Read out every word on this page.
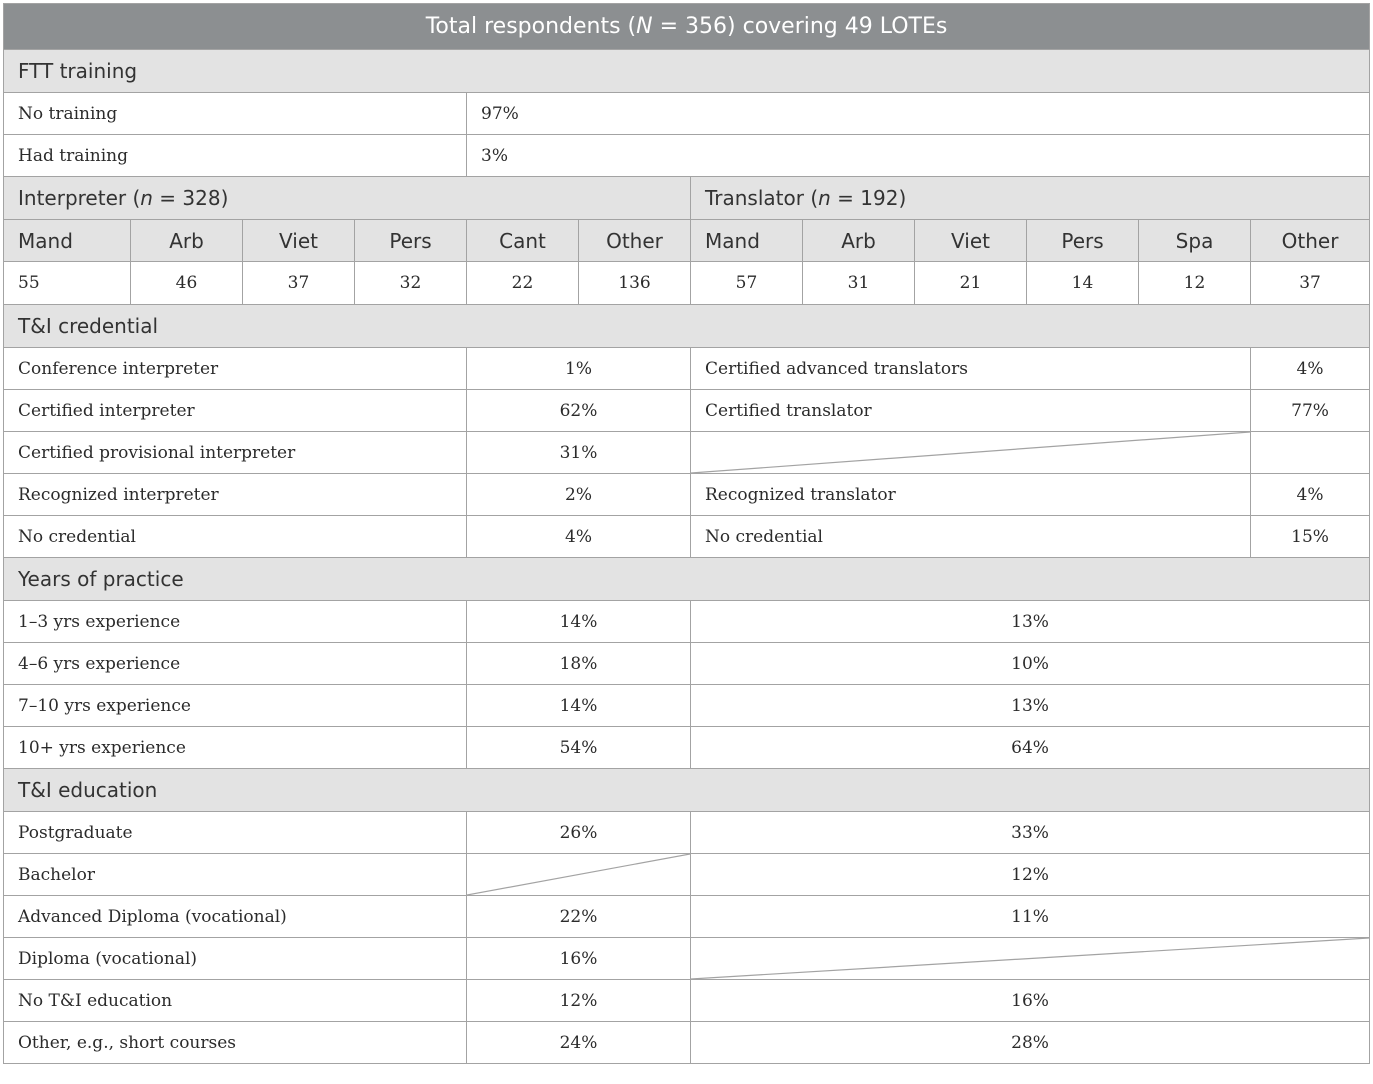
Total respondents (N = 356) covering 49 LOTEs											
FTT training											
No training				97%							
Had training				3%							
Interpreter (n = 328)						Translator (n = 192)					
Mand	Arb	Viet	Pers	Cant	Other	Mand	Arb	Viet	Pers	Spa	Other
55	46	37	32	22	136	57	31	21	14	12	37
T&I credential											
Conference interpreter				1%		Certified advanced translators					4%
Certified interpreter				62%		Certified translator					77%
Certified provisional interpreter				31%	

Recognized interpreter				2%		Recognized translator					4%
No credential				4%		No credential					15%
Years of practice											
1–3 yrs experience				14%		13%					
4–6 yrs experience				18%		10%					
7–10 yrs experience				14%		13%					
10+ yrs experience				54%		64%					
T&I education											
Postgraduate				26%		33%					
Bachelor						12%					
Advanced Diploma (vocational)				22%		11%					
Diploma (vocational)				16%	

No T&I education				12%		16%					
Other, e.g., short courses				24%		28%					
